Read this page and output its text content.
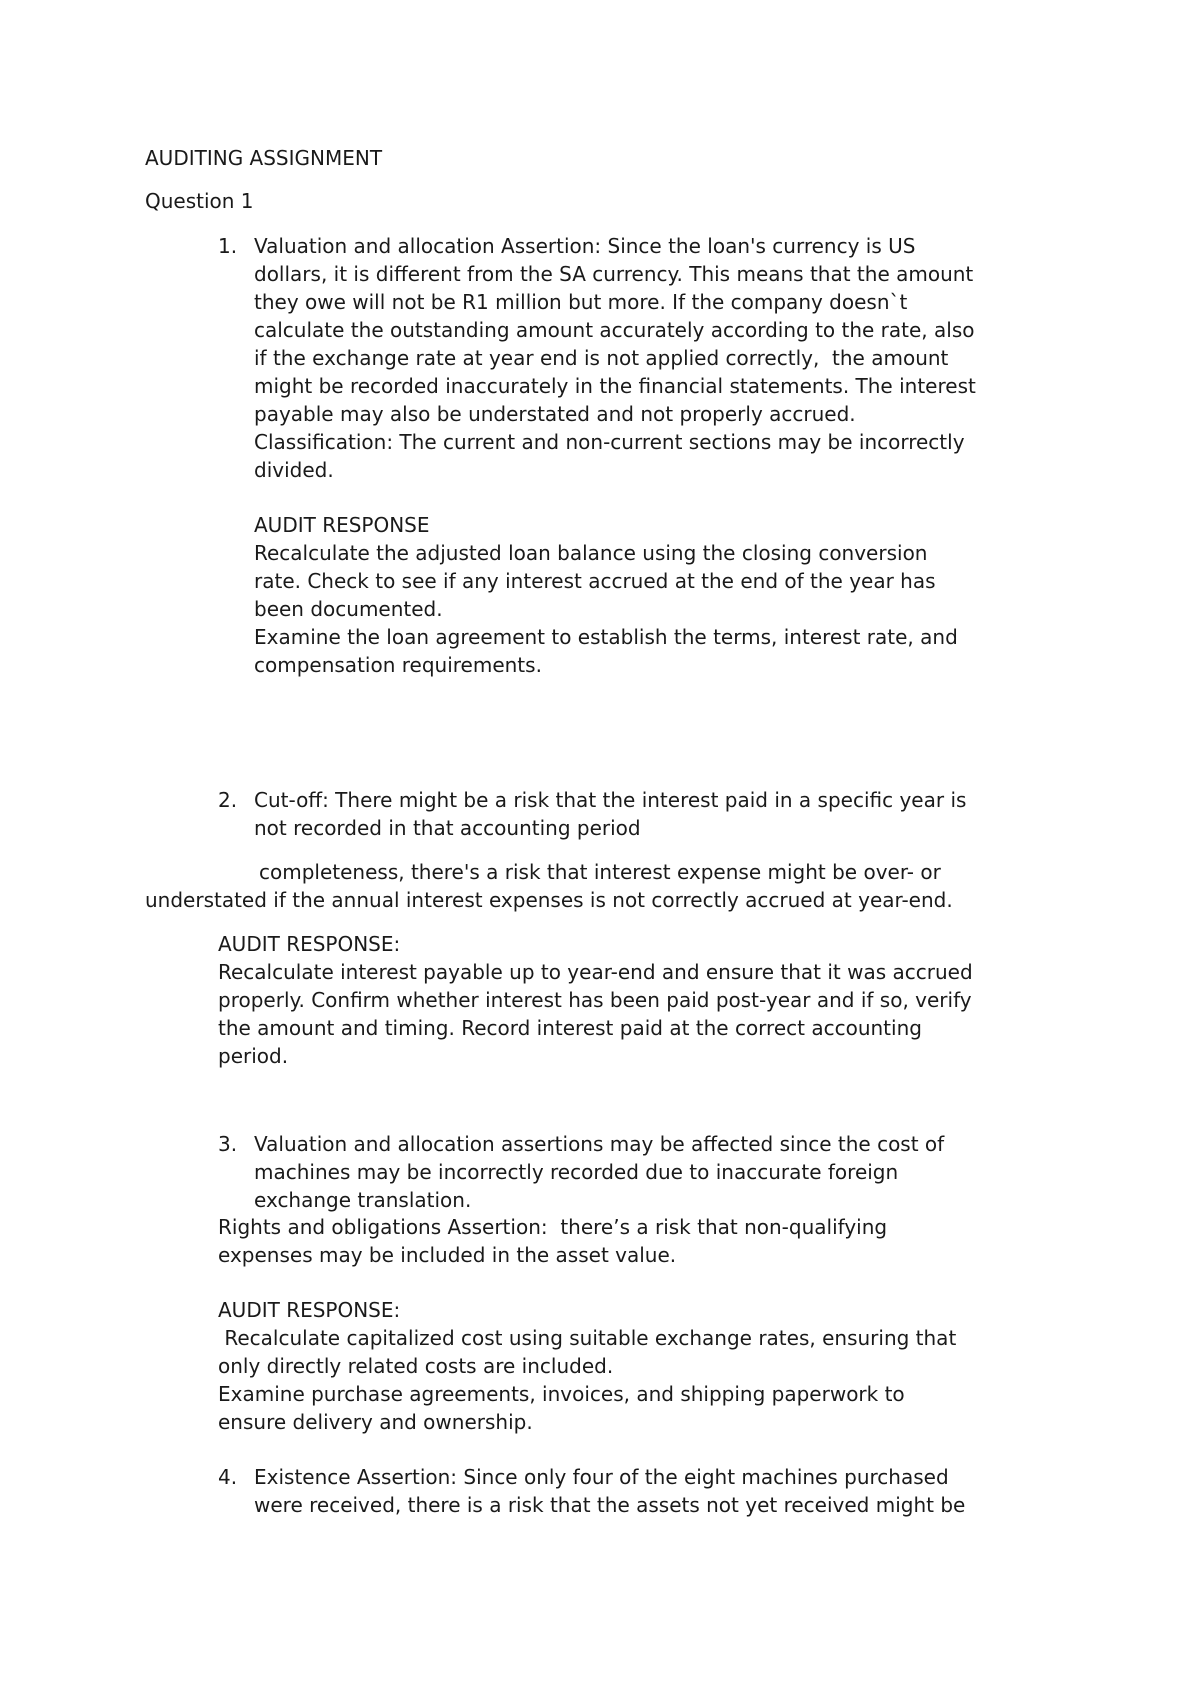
AUDITING ASSIGNMENT

Question 1

1. Valuation and allocation Assertion: Since the loan's currency is US

dollars, it is different from the SA currency. This means that the amount

they owe will not be R1 million but more. If the company doesn`t

calculate the outstanding amount accurately according to the rate, also

if the exchange rate at year end is not applied correctly,  the amount

might be recorded inaccurately in the financial statements. The interest

payable may also be understated and not properly accrued.

Classification: The current and non-current sections may be incorrectly

divided.

AUDIT RESPONSE

Recalculate the adjusted loan balance using the closing conversion

rate. Check to see if any interest accrued at the end of the year has

been documented.

Examine the loan agreement to establish the terms, interest rate, and

compensation requirements.

2. Cut-off: There might be a risk that the interest paid in a specific year is

not recorded in that accounting period

completeness, there's a risk that interest expense might be over- or

understated if the annual interest expenses is not correctly accrued at year-end.

AUDIT RESPONSE:

Recalculate interest payable up to year-end and ensure that it was accrued

properly. Confirm whether interest has been paid post-year and if so, verify

the amount and timing. Record interest paid at the correct accounting

period.

3. Valuation and allocation assertions may be affected since the cost of

machines may be incorrectly recorded due to inaccurate foreign

exchange translation.

Rights and obligations Assertion:  there’s a risk that non-qualifying

expenses may be included in the asset value.

AUDIT RESPONSE:

Recalculate capitalized cost using suitable exchange rates, ensuring that

only directly related costs are included.

Examine purchase agreements, invoices, and shipping paperwork to

ensure delivery and ownership.

4. Existence Assertion: Since only four of the eight machines purchased

were received, there is a risk that the assets not yet received might be
